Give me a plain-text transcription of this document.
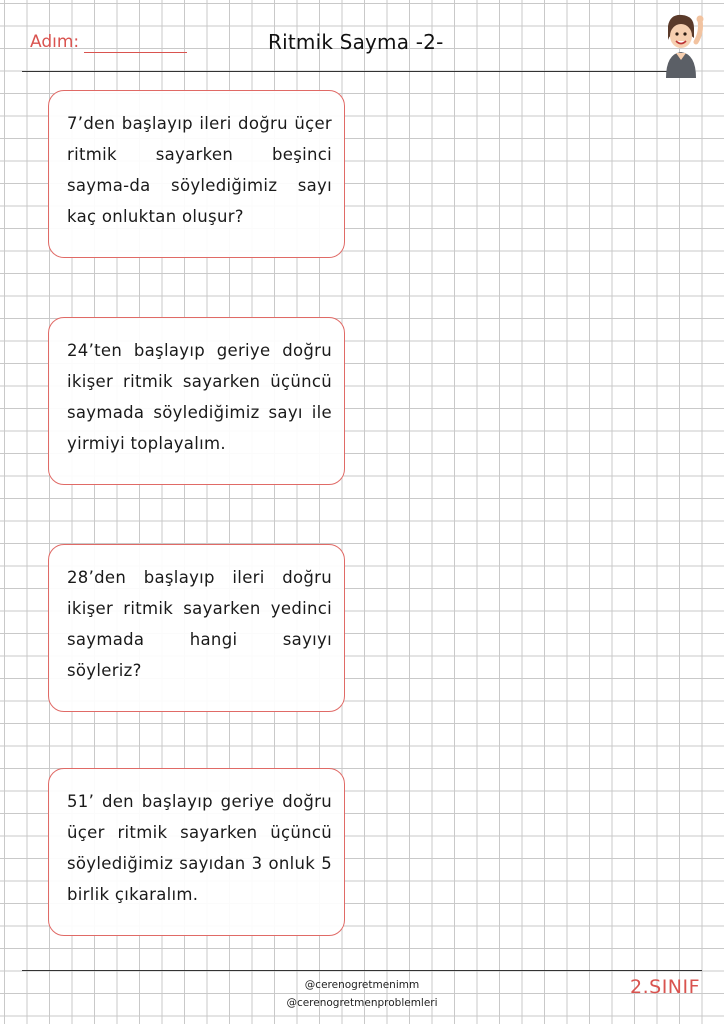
Adım:	Ritmik Sayma -2-
7’den başlayıp ileri doğru üçer ritmik sayarken beşinci sayma-da söylediğimiz sayı kaç onluktan oluşur?
24’ten başlayıp geriye doğru ikişer ritmik sayarken üçüncü saymada söylediğimiz sayı ile yirmiyi toplayalım.
28’den başlayıp ileri doğru ikişer ritmik sayarken yedinci saymada hangi sayıyı söyleriz?
51’ den başlayıp geriye doğru üçer ritmik sayarken üçüncü söylediğimiz sayıdan 3 onluk 5 birlik çıkaralım.
@cerenogretmenimm
@cerenogretmenproblemleri
2.SINIF
